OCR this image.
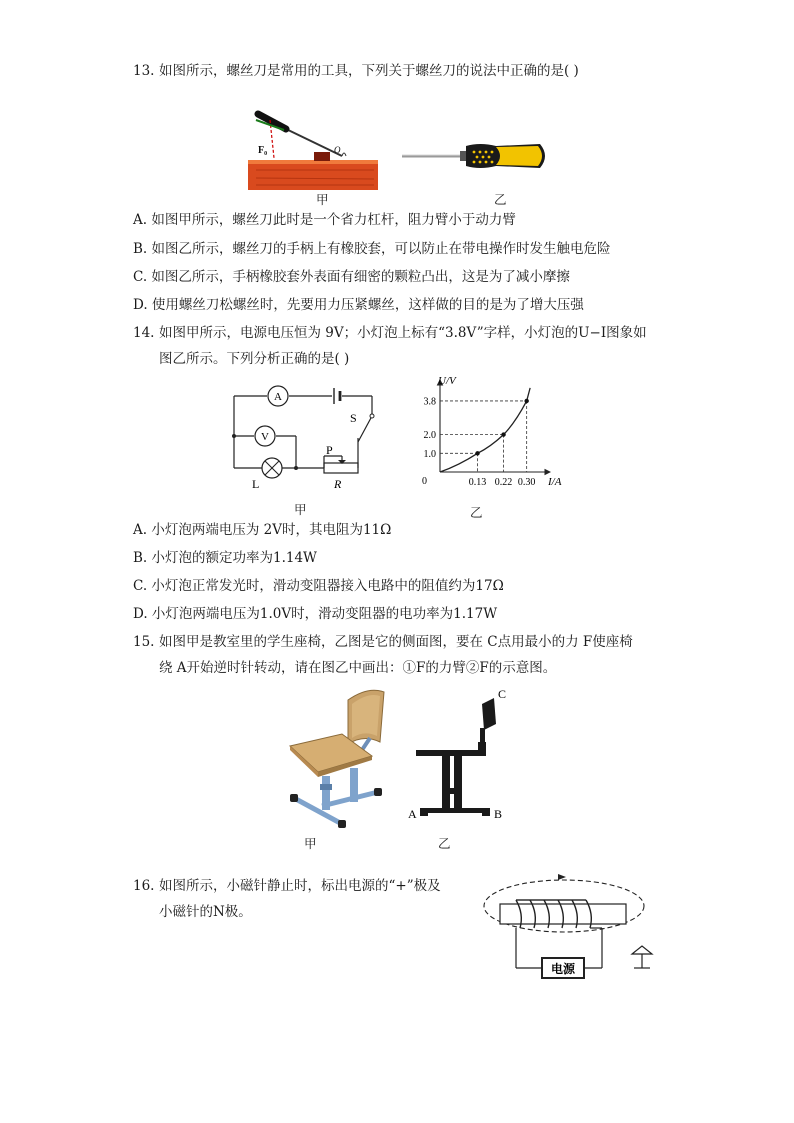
13. 如图所示，螺丝刀是常用的工具，下列关于螺丝刀的说法中正确的是( )
F₀	O
甲	乙
A. 如图甲所示，螺丝刀此时是一个省力杠杆，阻力臂小于动力臂
B. 如图乙所示，螺丝刀的手柄上有橡胶套，可以防止在带电操作时发生触电危险
C. 如图乙所示，手柄橡胶套外表面有细密的颗粒凸出，这是为了减小摩擦
D. 使用螺丝刀松螺丝时，先要用力压紧螺丝，这样做的目的是为了增大压强
14. 如图甲所示，电源电压恒为 9V；小灯泡上标有“3.8V”字样，小灯泡的U−I图象如
图乙所示。下列分析正确的是( )
A
V
S
P
R
L
甲
0.13 0.22 0.30
1.0
2.0
3.8
U/V
I/A
0
乙
A. 小灯泡两端电压为 2V时，其电阻为11Ω
B. 小灯泡的额定功率为1.14W
C. 小灯泡正常发光时，滑动变阻器接入电路中的阻值约为17Ω
D. 小灯泡两端电压为1.0V时，滑动变阻器的电功率为1.17W
15. 如图甲是教室里的学生座椅，乙图是它的侧面图，要在 C点用最小的力 F使座椅
绕 A开始逆时针转动，请在图乙中画出：①F的力臂②F的示意图。
甲
C
A	B
乙
16. 如图所示，小磁针静止时，标出电源的“+”极及
小磁针的N极。
电源
